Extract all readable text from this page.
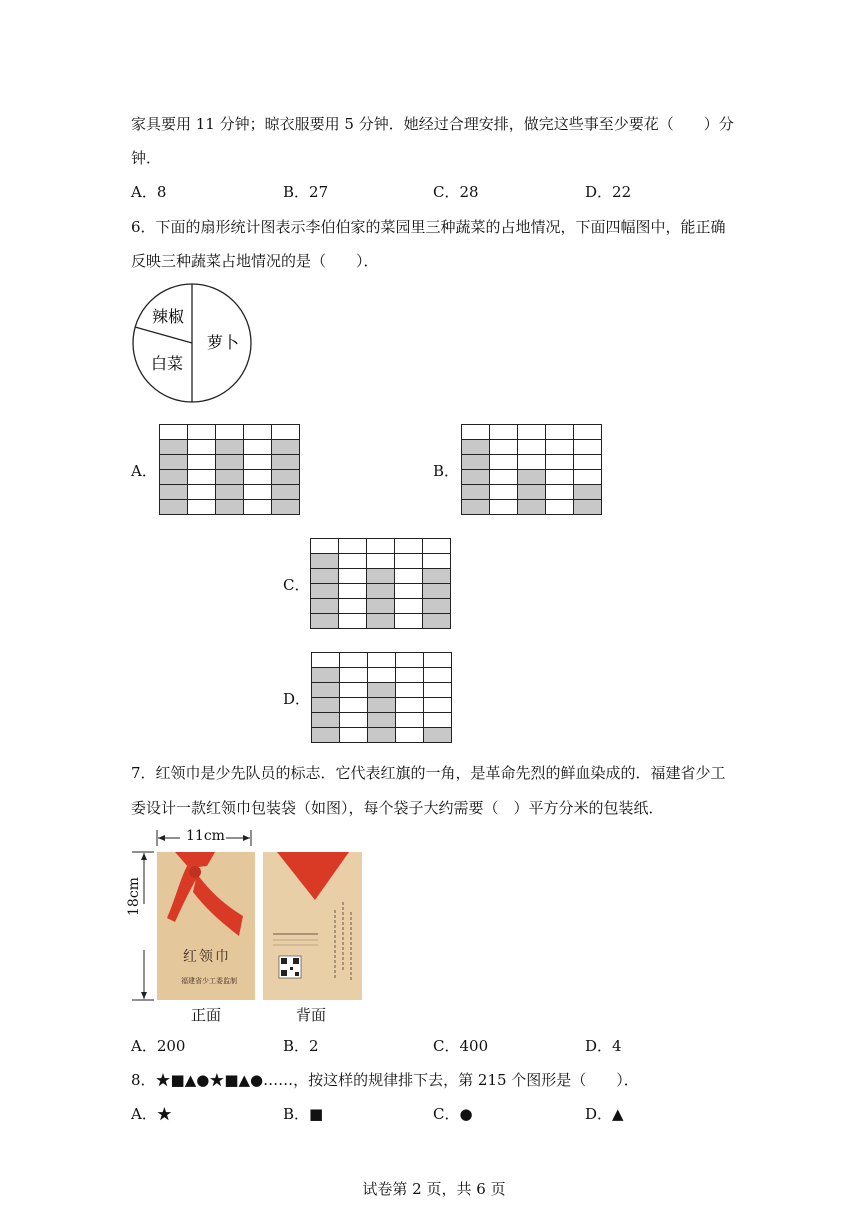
家具要用 11 分钟；晾衣服要用 5 分钟．她经过合理安排，做完这些事至少要花（　　）分
钟．
A．8	B．27	C．28	D．22
6．下面的扇形统计图表示李伯伯家的菜园里三种蔬菜的占地情况，下面四幅图中，能正确
反映三种蔬菜占地情况的是（　　）．
辣椒
白菜
萝卜
A．

					B．

C．

D．

7．红领巾是少先队员的标志．它代表红旗的一角，是革命先烈的鲜血染成的．福建省少工
委设计一款红领巾包装袋（如图），每个袋子大约需要（　）平方分米的包装纸．
11cm
18cm
红领巾
福建省少工委监制
正面	背面
A．200	B．2	C．400	D．4
8．★■▲●★■▲●……，按这样的规律排下去，第 215 个图形是（　　）．
A．★	B．■	C．●	D．▲
试卷第 2 页，共 6 页
